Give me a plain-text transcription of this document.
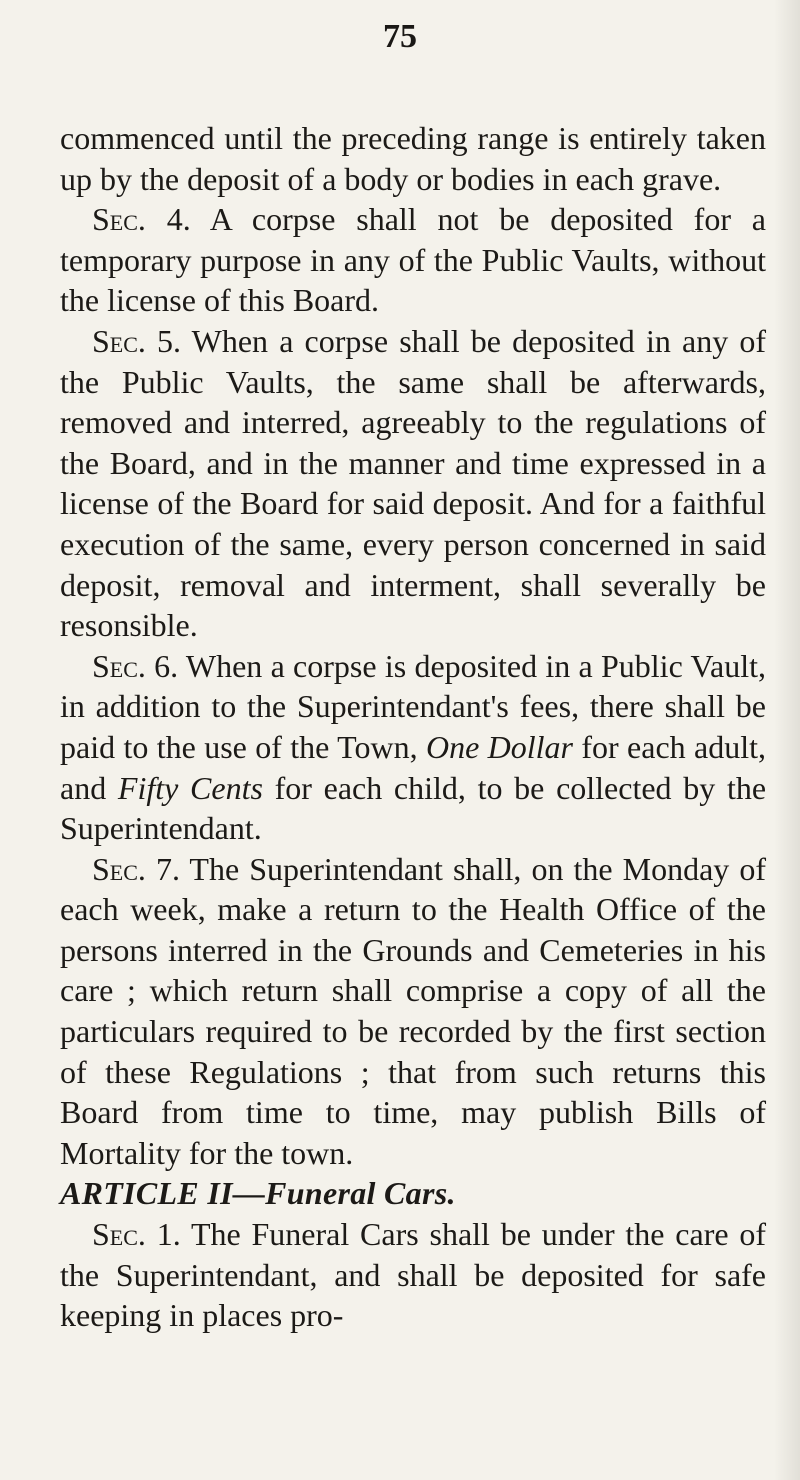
75

commenced until the preceding range is entirely taken up by the deposit of a body or bodies in each grave.

Sec. 4. A corpse shall not be deposited for a temporary purpose in any of the Public Vaults, without the license of this Board.

Sec. 5. When a corpse shall be deposited in any of the Public Vaults, the same shall be afterwards, removed and interred, agreeably to the regulations of the Board, and in the manner and time expressed in a license of the Board for said deposit. And for a faithful execution of the same, every person concerned in said deposit, removal and interment, shall severally be resonsible.

Sec. 6. When a corpse is deposited in a Public Vault, in addition to the Superintendant's fees, there shall be paid to the use of the Town, One Dollar for each adult, and Fifty Cents for each child, to be collected by the Superintendant.

Sec. 7. The Superintendant shall, on the Monday of each week, make a return to the Health Office of the persons interred in the Grounds and Cemeteries in his care ; which return shall comprise a copy of all the particulars required to be recorded by the first section of these Regulations ; that from such returns this Board from time to time, may publish Bills of Mortality for the town.

ARTICLE II—Funeral Cars.

Sec. 1. The Funeral Cars shall be under the care of the Superintendant, and shall be deposited for safe keeping in places pro-
